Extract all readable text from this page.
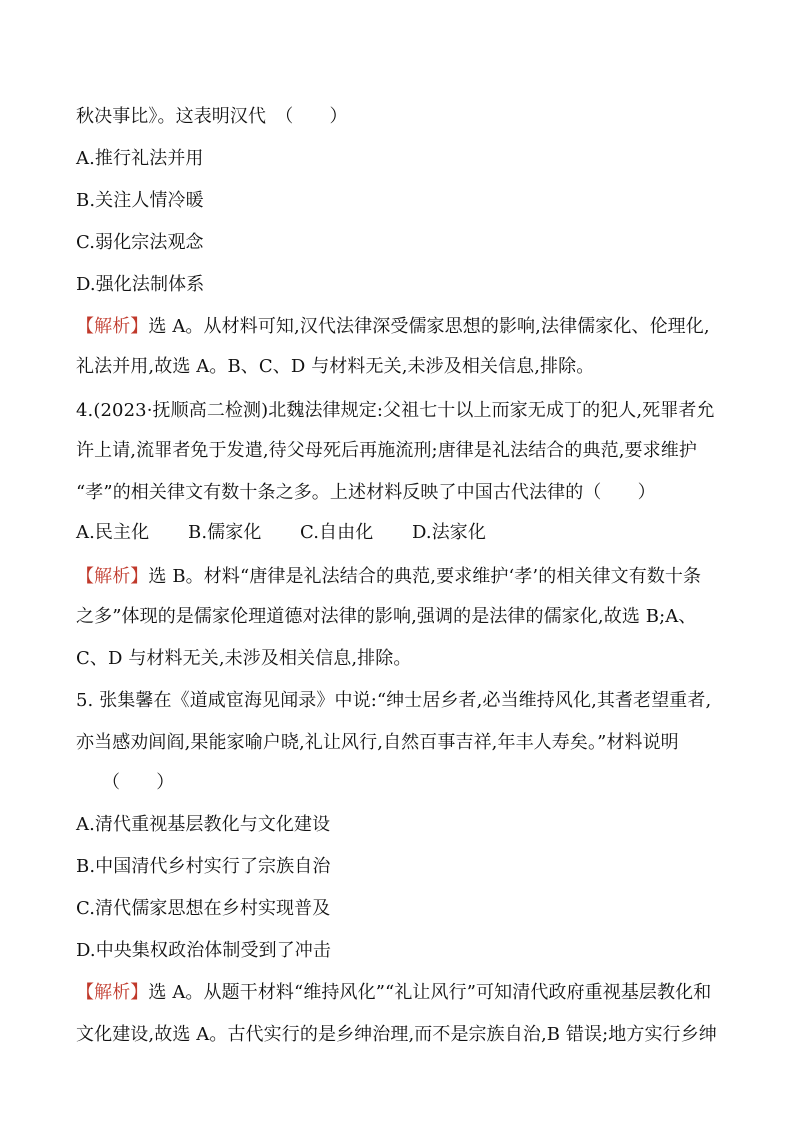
秋决事比》。这表明汉代　（　　）
A.推行礼法并用
B.关注人情冷暖
C.弱化宗法观念
D.强化法制体系
【解析】选 A。从材料可知,汉代法律深受儒家思想的影响,法律儒家化、伦理化,
礼法并用,故选 A。B、C、D 与材料无关,未涉及相关信息,排除。
4.(2023·抚顺高二检测)北魏法律规定:父祖七十以上而家无成丁的犯人,死罪者允
许上请,流罪者免于发遣,待父母死后再施流刑;唐律是礼法结合的典范,要求维护
“孝”的相关律文有数十条之多。上述材料反映了中国古代法律的（　　）
A.民主化	B.儒家化	C.自由化	D.法家化
【解析】选 B。材料“唐律是礼法结合的典范,要求维护‘孝’的相关律文有数十条
之多”体现的是儒家伦理道德对法律的影响,强调的是法律的儒家化,故选 B;A、
C、D 与材料无关,未涉及相关信息,排除。
5. 张集馨在《道咸宦海见闻录》中说:“绅士居乡者,必当维持风化,其耆老望重者,
亦当感劝闾阎,果能家喻户晓,礼让风行,自然百事吉祥,年丰人寿矣。”材料说明
（　　）
A.清代重视基层教化与文化建设
B.中国清代乡村实行了宗族自治
C.清代儒家思想在乡村实现普及
D.中央集权政治体制受到了冲击
【解析】选 A。从题干材料“维持风化”“礼让风行”可知清代政府重视基层教化和
文化建设,故选 A。古代实行的是乡绅治理,而不是宗族自治,B 错误;地方实行乡绅
